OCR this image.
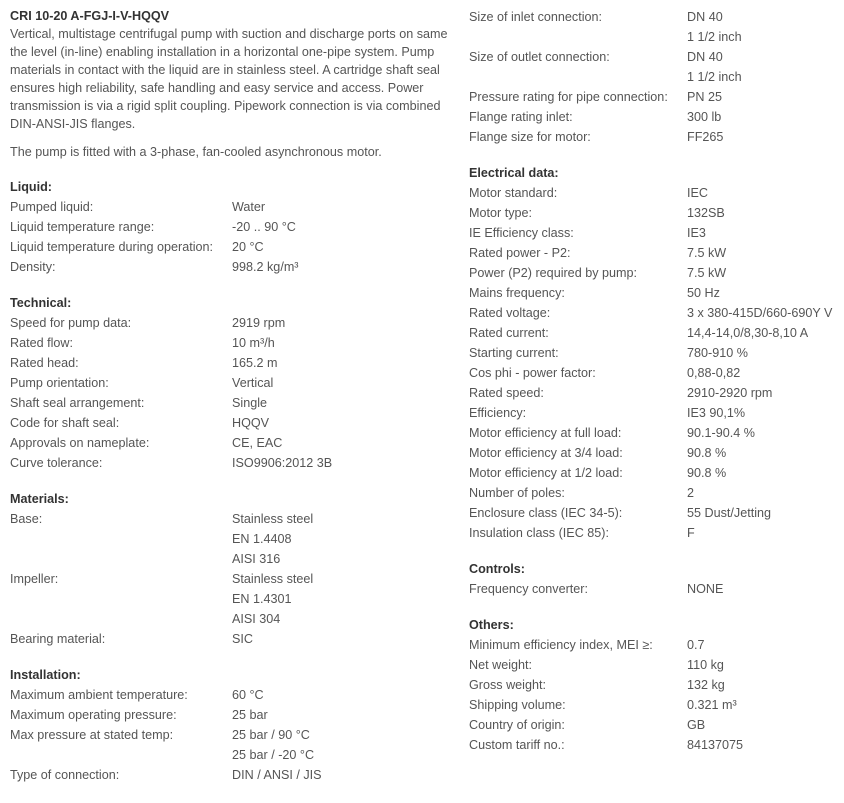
CRI 10-20 A-FGJ-I-V-HQQV

Vertical, multistage centrifugal pump with suction and discharge ports on same the level (in-line) enabling installation in a horizontal one-pipe system. Pump materials in contact with the liquid are in stainless steel. A cartridge shaft seal ensures high reliability, safe handling and easy service and access. Power transmission is via a rigid split coupling. Pipework connection is via combined DIN-ANSI-JIS flanges.

The pump is fitted with a 3-phase, fan-cooled asynchronous motor.
Liquid:
Pumped liquid:	Water
Liquid temperature range:	-20 .. 90 °C
Liquid temperature during operation:	20 °C
Density:	998.2 kg/m³
Technical:
Speed for pump data:	2919 rpm
Rated flow:	10 m³/h
Rated head:	165.2 m
Pump orientation:	Vertical
Shaft seal arrangement:	Single
Code for shaft seal:	HQQV
Approvals on nameplate:	CE, EAC
Curve tolerance:	ISO9906:2012 3B
Materials:
Base:	Stainless steel
EN 1.4408
AISI 316
Impeller:	Stainless steel
EN 1.4301
AISI 304
Bearing material:	SIC
Installation:
Maximum ambient temperature:	60 °C
Maximum operating pressure:	25 bar
Max pressure at stated temp:	25 bar / 90 °C
25 bar / -20 °C
Type of connection:	DIN / ANSI / JIS
Size of inlet connection:	DN 40
1 1/2 inch
Size of outlet connection:	DN 40
1 1/2 inch
Pressure rating for pipe connection:	PN 25
Flange rating inlet:	300 lb
Flange size for motor:	FF265
Electrical data:
Motor standard:	IEC
Motor type:	132SB
IE Efficiency class:	IE3
Rated power - P2:	7.5 kW
Power (P2) required by pump:	7.5 kW
Mains frequency:	50 Hz
Rated voltage:	3 x 380-415D/660-690Y V
Rated current:	14,4-14,0/8,30-8,10 A
Starting current:	780-910 %
Cos phi - power factor:	0,88-0,82
Rated speed:	2910-2920 rpm
Efficiency:	IE3 90,1%
Motor efficiency at full load:	90.1-90.4 %
Motor efficiency at 3/4 load:	90.8 %
Motor efficiency at 1/2 load:	90.8 %
Number of poles:	2
Enclosure class (IEC 34-5):	55 Dust/Jetting
Insulation class (IEC 85):	F
Controls:
Frequency converter:	NONE
Others:
Minimum efficiency index, MEI ≥:	0.7
Net weight:	110 kg
Gross weight:	132 kg
Shipping volume:	0.321 m³
Country of origin:	GB
Custom tariff no.:	84137075
